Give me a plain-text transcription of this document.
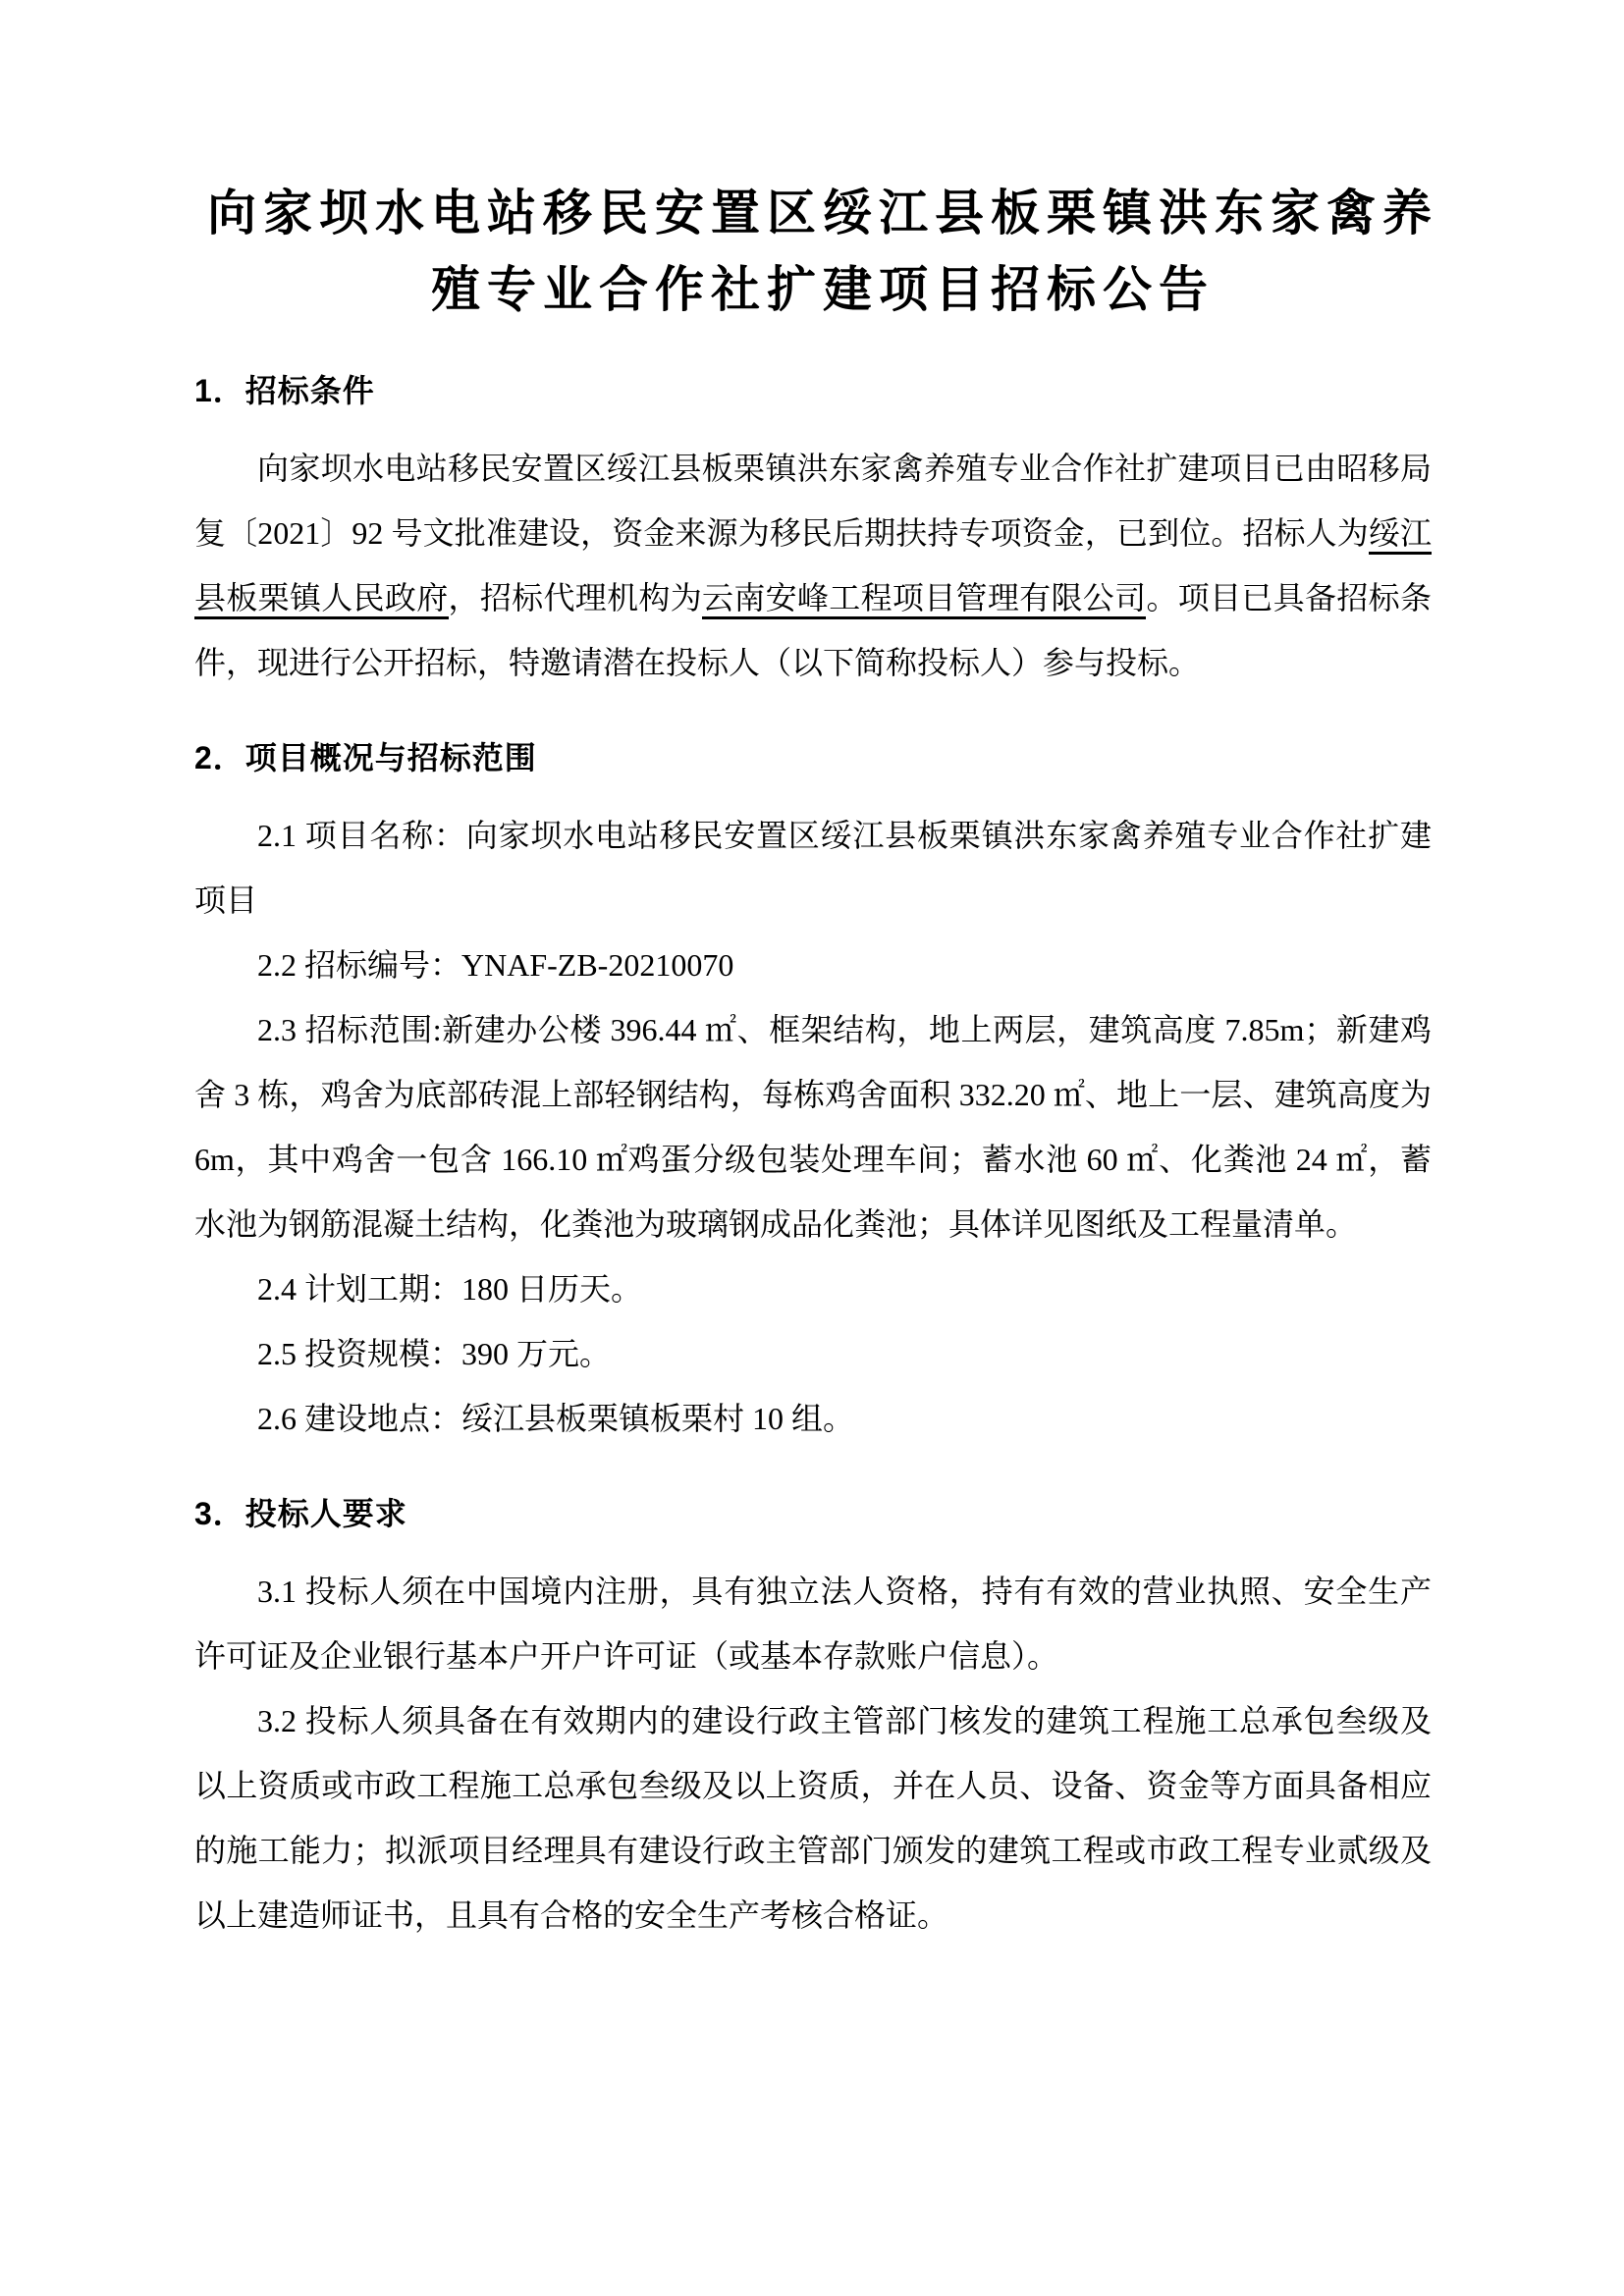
向家坝水电站移民安置区绥江县板栗镇洪东家禽养殖专业合作社扩建项目招标公告
1．招标条件

向家坝水电站移民安置区绥江县板栗镇洪东家禽养殖专业合作社扩建项目已由昭移局复〔2021〕92 号文批准建设，资金来源为移民后期扶持专项资金，已到位。招标人为绥江县板栗镇人民政府，招标代理机构为云南安峰工程项目管理有限公司。项目已具备招标条件，现进行公开招标，特邀请潜在投标人（以下简称投标人）参与投标。

2．项目概况与招标范围

2.1 项目名称：向家坝水电站移民安置区绥江县板栗镇洪东家禽养殖专业合作社扩建项目

2.2 招标编号：YNAF-ZB-20210070

2.3 招标范围:新建办公楼 396.44 ㎡、框架结构，地上两层，建筑高度 7.85m；新建鸡舍 3 栋，鸡舍为底部砖混上部轻钢结构，每栋鸡舍面积 332.20 ㎡、地上一层、建筑高度为 6m，其中鸡舍一包含 166.10 ㎡鸡蛋分级包装处理车间；蓄水池 60 ㎡、化粪池 24 ㎡，蓄水池为钢筋混凝土结构，化粪池为玻璃钢成品化粪池；具体详见图纸及工程量清单。

2.4 计划工期：180 日历天。

2.5 投资规模：390 万元。

2.6 建设地点：绥江县板栗镇板栗村 10 组。

3．投标人要求

3.1 投标人须在中国境内注册，具有独立法人资格，持有有效的营业执照、安全生产许可证及企业银行基本户开户许可证（或基本存款账户信息）。

3.2 投标人须具备在有效期内的建设行政主管部门核发的建筑工程施工总承包叁级及以上资质或市政工程施工总承包叁级及以上资质，并在人员、设备、资金等方面具备相应的施工能力；拟派项目经理具有建设行政主管部门颁发的建筑工程或市政工程专业贰级及以上建造师证书，且具有合格的安全生产考核合格证。
